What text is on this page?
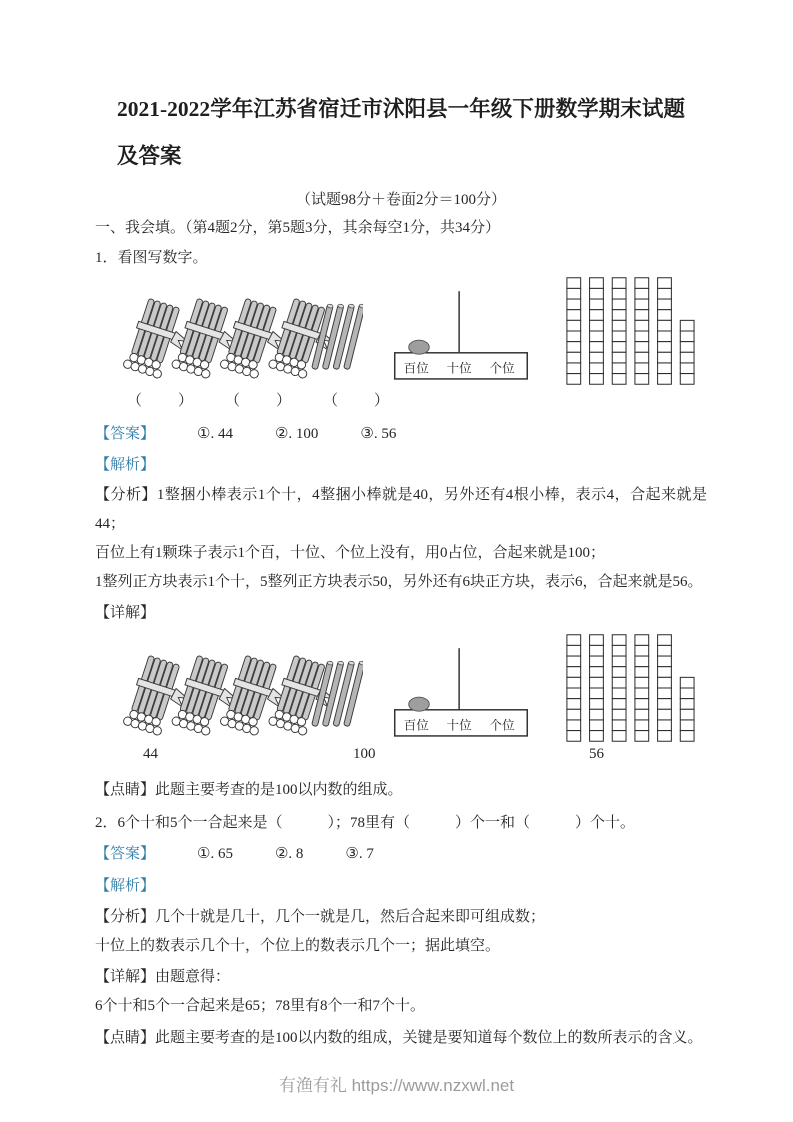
2021-2022学年江苏省宿迁市沭阳县一年级下册数学期末试题及答案

（试题98分＋卷面2分＝100分）

一、我会填。（第4题2分，第5题3分，其余每空1分，共34分）

1．看图写数字。

百位 十位 个位
（　　） （　　） （　　）

【答案】	①. 44	②. 100	③. 56

【解析】

【分析】1整捆小棒表示1个十，4整捆小棒就是40，另外还有4根小棒，表示4，合起来就是44；

百位上有1颗珠子表示1个百，十位、个位上没有，用0占位，合起来就是100；

1整列正方块表示1个十，5整列正方块表示50，另外还有6块正方块，表示6，合起来就是56。

【详解】

百位 十位 个位
44	100	56

【点睛】此题主要考查的是100以内数的组成。

2．6个十和5个一合起来是（　　　）；78里有（　　　）个一和（　　　）个十。

【答案】	①. 65	②. 8	③. 7

【解析】

【分析】几个十就是几十，几个一就是几，然后合起来即可组成数；

十位上的数表示几个十，个位上的数表示几个一；据此填空。

【详解】由题意得：

6个十和5个一合起来是65；78里有8个一和7个十。

【点睛】此题主要考查的是100以内数的组成，关键是要知道每个数位上的数所表示的含义。

有渔有礼 https://www.nzxwl.net
